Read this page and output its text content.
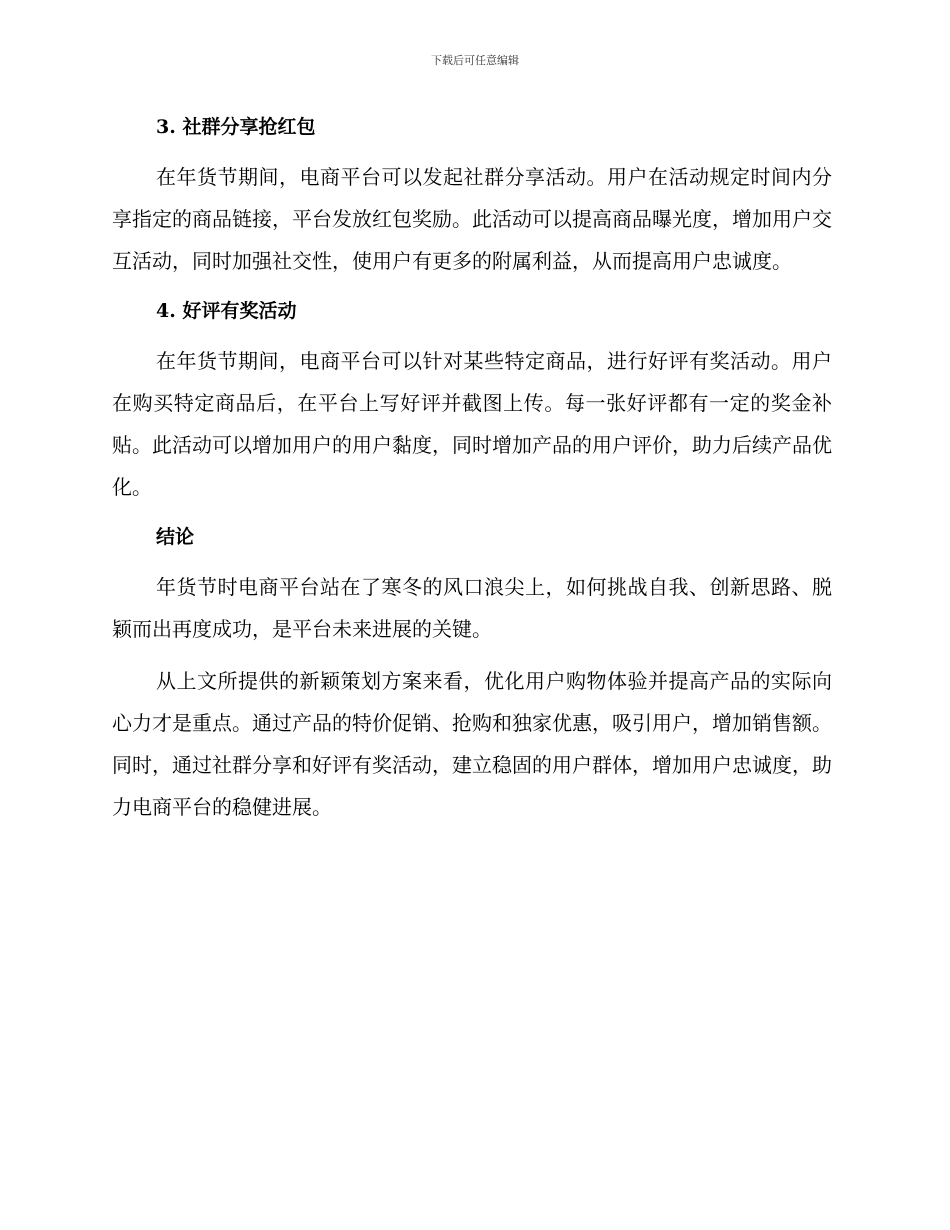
下载后可任意编辑
3. 社群分享抢红包

在年货节期间，电商平台可以发起社群分享活动。用户在活动规定时间内分享指定的商品链接，平台发放红包奖励。此活动可以提高商品曝光度，增加用户交互活动，同时加强社交性，使用户有更多的附属利益，从而提高用户忠诚度。

4. 好评有奖活动

在年货节期间，电商平台可以针对某些特定商品，进行好评有奖活动。用户在购买特定商品后，在平台上写好评并截图上传。每一张好评都有一定的奖金补贴。此活动可以增加用户的用户黏度，同时增加产品的用户评价，助力后续产品优化。

结论

年货节时电商平台站在了寒冬的风口浪尖上，如何挑战自我、创新思路、脱颖而出再度成功，是平台未来进展的关键。

从上文所提供的新颖策划方案来看，优化用户购物体验并提高产品的实际向心力才是重点。通过产品的特价促销、抢购和独家优惠，吸引用户，增加销售额。同时，通过社群分享和好评有奖活动，建立稳固的用户群体，增加用户忠诚度，助力电商平台的稳健进展。
